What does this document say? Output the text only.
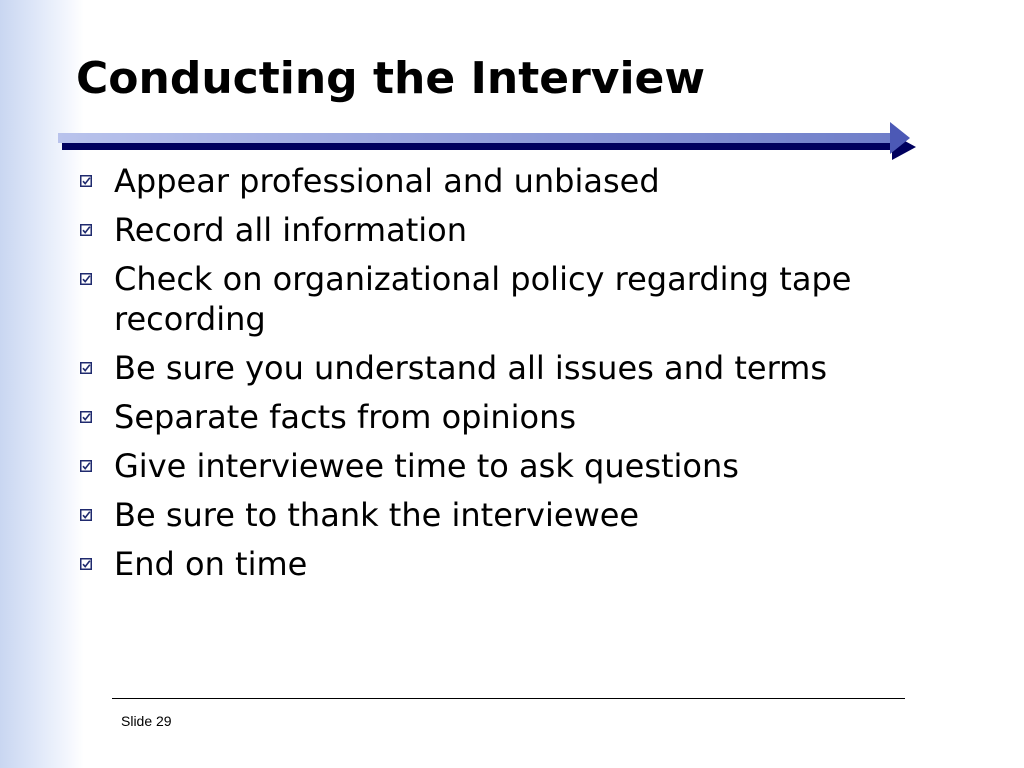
Conducting the Interview
Appear professional and unbiased
Record all information
Check on organizational policy regarding tape recording
Be sure you understand all issues and terms
Separate facts from opinions
Give interviewee time to ask questions
Be sure to thank the interviewee
End on time
Slide 29
